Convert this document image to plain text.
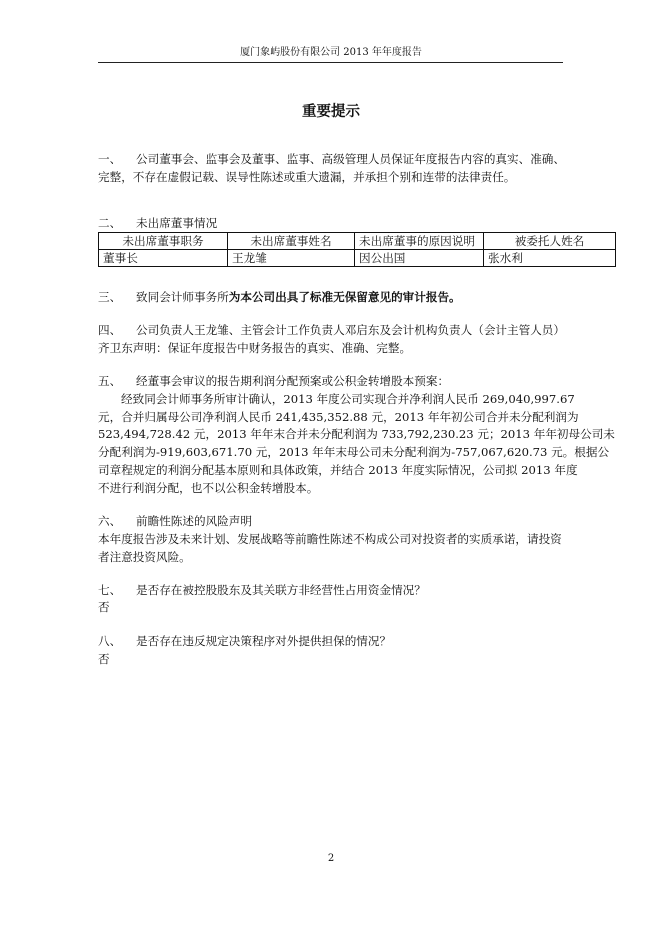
厦门象屿股份有限公司 2013 年年度报告
重要提示
一、 公司董事会、监事会及董事、监事、高级管理人员保证年度报告内容的真实、准确、
完整，不存在虚假记载、误导性陈述或重大遗漏，并承担个别和连带的法律责任。
二、 未出席董事情况
未出席董事职务	未出席董事姓名	未出席董事的原因说明	被委托人姓名
董事长	王龙雏	因公出国	张水利
三、 致同会计师事务所为本公司出具了标准无保留意见的审计报告。
四、 公司负责人王龙雏、主管会计工作负责人邓启东及会计机构负责人（会计主管人员）
齐卫东声明：保证年度报告中财务报告的真实、准确、完整。
五、 经董事会审议的报告期利润分配预案或公积金转增股本预案：
经致同会计师事务所审计确认，2013 年度公司实现合并净利润人民币 269,040,997.67
元，合并归属母公司净利润人民币 241,435,352.88 元，2013 年年初公司合并未分配利润为
523,494,728.42 元，2013 年年末合并未分配利润为 733,792,230.23 元；2013 年年初母公司未
分配利润为-919,603,671.70 元，2013 年年末母公司未分配利润为-757,067,620.73 元。根据公
司章程规定的利润分配基本原则和具体政策，并结合 2013 年度实际情况，公司拟 2013 年度
不进行利润分配，也不以公积金转增股本。
六、 前瞻性陈述的风险声明
本年度报告涉及未来计划、发展战略等前瞻性陈述不构成公司对投资者的实质承诺，请投资
者注意投资风险。
七、 是否存在被控股股东及其关联方非经营性占用资金情况？
否
八、 是否存在违反规定决策程序对外提供担保的情况？
否
2
